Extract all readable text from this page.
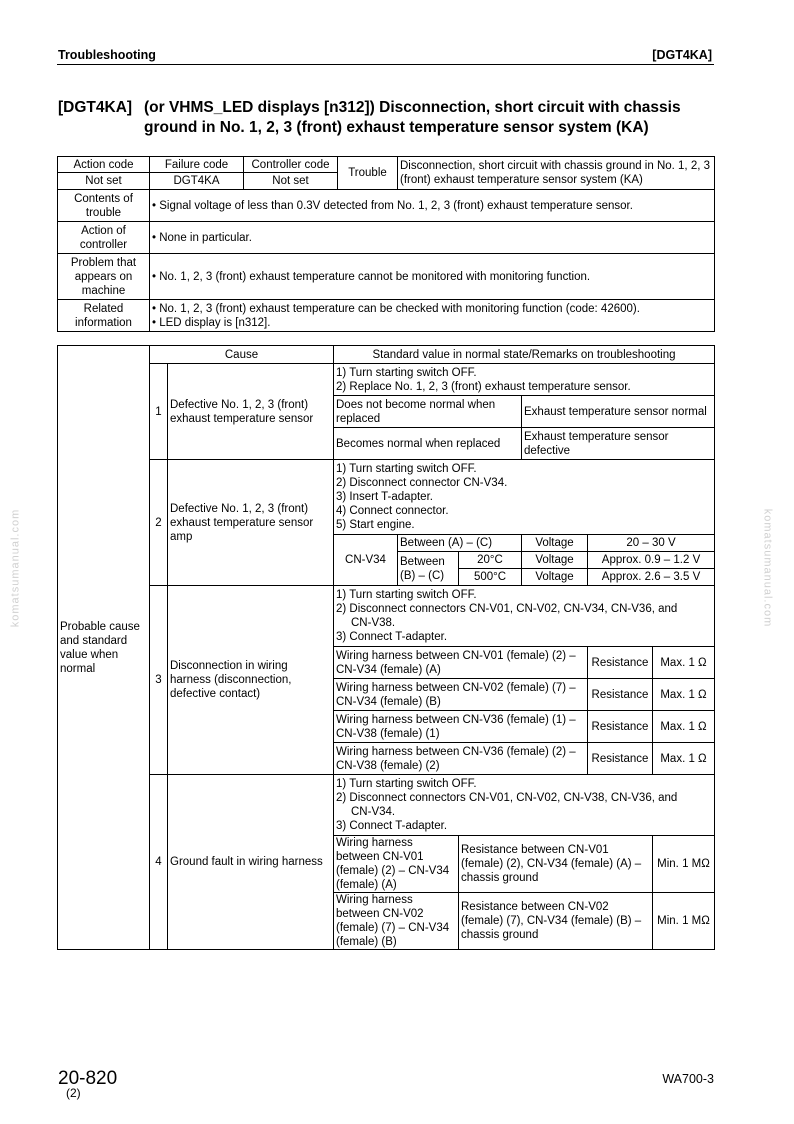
Troubleshooting	[DGT4KA]
[DGT4KA] (or VHMS_LED displays [n312]) Disconnection, short circuit with chassis ground in No. 1, 2, 3 (front) exhaust temperature sensor system (KA)
Action code	Failure code	Controller code	Trouble	Disconnection, short circuit with chassis ground in No. 1, 2, 3 (front) exhaust temperature sensor system (KA)
Not set	DGT4KA	Not set		
Contents of trouble	• Signal voltage of less than 0.3V detected from No. 1, 2, 3 (front) exhaust temperature sensor.			
Action of controller	• None in particular.			
Problem that appears on machine	• No. 1, 2, 3 (front) exhaust temperature cannot be monitored with monitoring function.			
Related information	• No. 1, 2, 3 (front) exhaust temperature can be checked with monitoring function (code: 42600).
• LED display is [n312].			
Probable cause and standard value when normal	Cause		Standard value in normal state/Remarks on troubleshooting					
	1	Defective No. 1, 2, 3 (front) exhaust temperature sensor	1) Turn starting switch OFF.
2) Replace No. 1, 2, 3 (front) exhaust temperature sensor.					

			Does not become normal when replaced			Exhaust temperature sensor normal		
			Becomes normal when replaced			Exhaust temperature sensor defective		
	2	Defective No. 1, 2, 3 (front) exhaust temperature sensor amp	1) Turn starting switch OFF.
2) Disconnect connector CN-V34.
3) Insert T-adapter.
4) Connect connector.
5) Start engine.					

			CN-V34	Between (A) – (C)		Voltage	20 – 30 V	
				Between (B) – (C)	20°C	Voltage	Approx. 0.9 – 1.2 V	
					500°C	Voltage	Approx. 2.6 – 3.5 V	
	3	Disconnection in wiring harness (disconnection, defective contact)	1) Turn starting switch OFF.
2) Disconnect connectors CN-V01, CN-V02, CN-V34, CN-V36, and
CN-V38.
3) Connect T-adapter.					

			Wiring harness between CN-V01 (female) (2) – CN-V34 (female) (A)				Resistance	Max. 1 Ω
			Wiring harness between CN-V02 (female) (7) – CN-V34 (female) (B)				Resistance	Max. 1 Ω
			Wiring harness between CN-V36 (female) (1) – CN-V38 (female) (1)				Resistance	Max. 1 Ω
			Wiring harness between CN-V36 (female) (2) – CN-V38 (female) (2)				Resistance	Max. 1 Ω
	4	Ground fault in wiring harness	1) Turn starting switch OFF.
2) Disconnect connectors CN-V01, CN-V02, CN-V38, CN-V36, and
CN-V34.
3) Connect T-adapter.					

			Wiring harness between CN-V01 (female) (2) – CN-V34 (female) (A)		Resistance between CN-V01 (female) (2), CN-V34 (female) (A) – chassis ground			Min. 1 MΩ
			Wiring harness between CN-V02 (female) (7) – CN-V34 (female) (B)		Resistance between CN-V02 (female) (7), CN-V34 (female) (B) – chassis ground			Min. 1 MΩ
komatsumanual.com	komatsumanual.com
20-820
(2)
WA700-3
